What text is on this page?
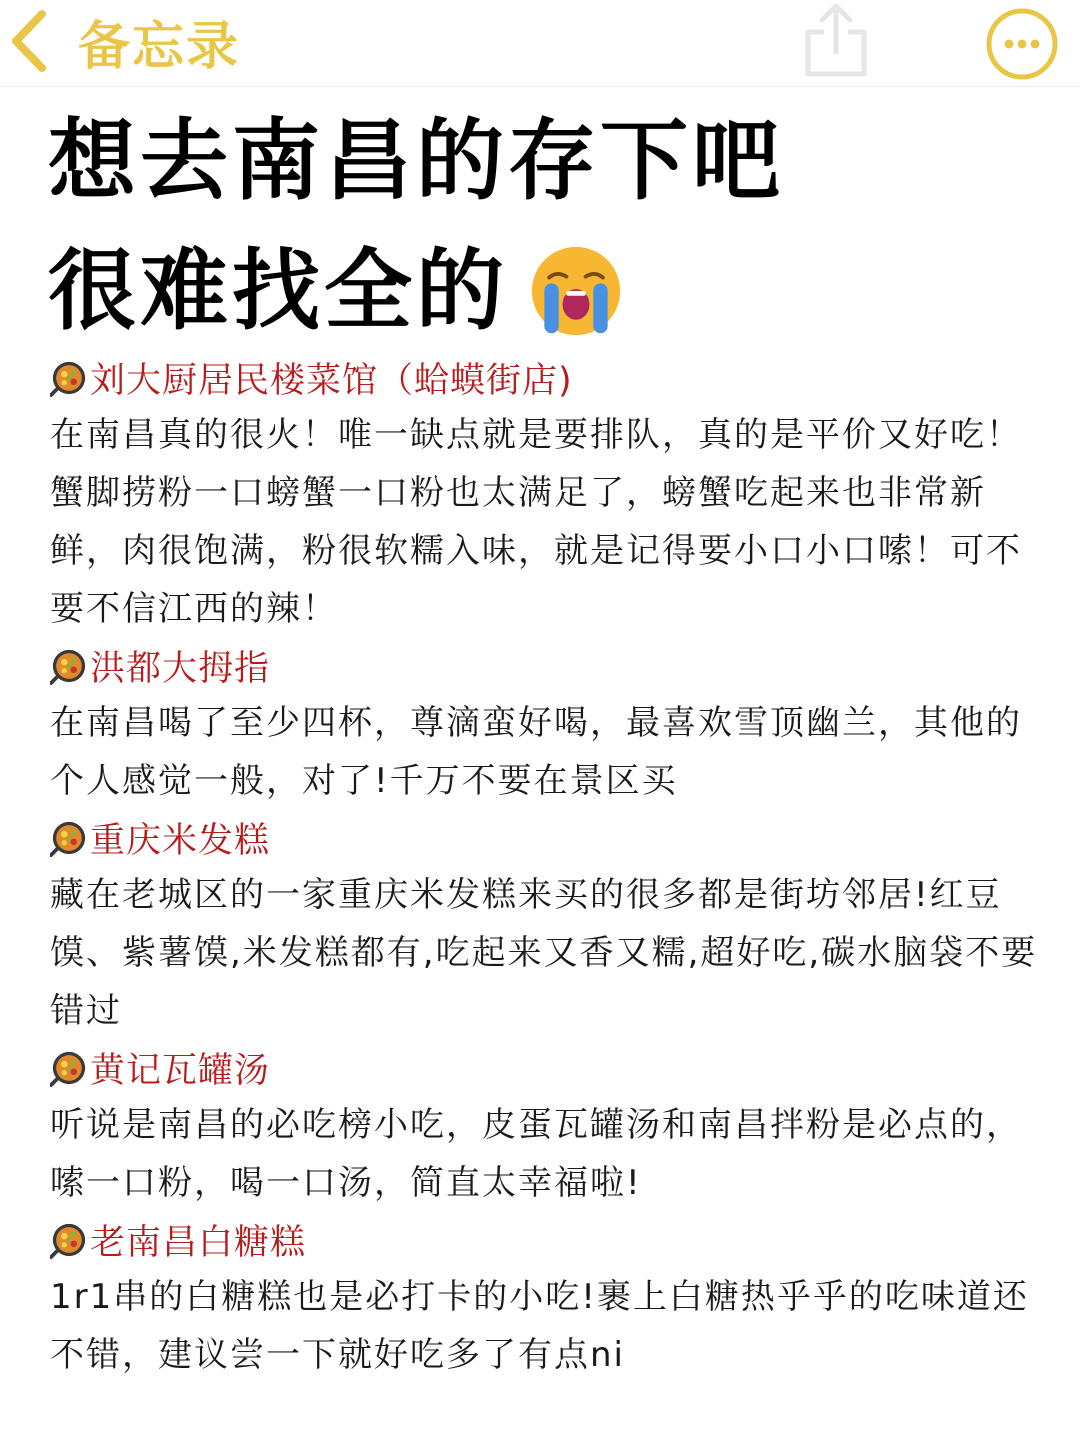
备忘录
想去南昌的存下吧
很难找全的
刘大厨居民楼菜馆（蛤蟆街店)

在南昌真的很火！唯一缺点就是要排队，真的是平价又好吃！蟹脚捞粉一口螃蟹一口粉也太满足了，螃蟹吃起来也非常新鲜，肉很饱满，粉很软糯入味，就是记得要小口小口嗦！可不要不信江西的辣！

洪都大拇指

在南昌喝了至少四杯，尊滴蛮好喝，最喜欢雪顶幽兰，其他的个人感觉一般，对了!千万不要在景区买

重庆米发糕

藏在老城区的一家重庆米发糕来买的很多都是街坊邻居!红豆馍、紫薯馍,米发糕都有,吃起来又香又糯,超好吃,碳水脑袋不要错过

黄记瓦罐汤

听说是南昌的必吃榜小吃，皮蛋瓦罐汤和南昌拌粉是必点的，嗦一口粉，喝一口汤，简直太幸福啦!

老南昌白糖糕

1r1串的白糖糕也是必打卡的小吃!裹上白糖热乎乎的吃味道还不错，建议尝一下就好吃多了有点ni
